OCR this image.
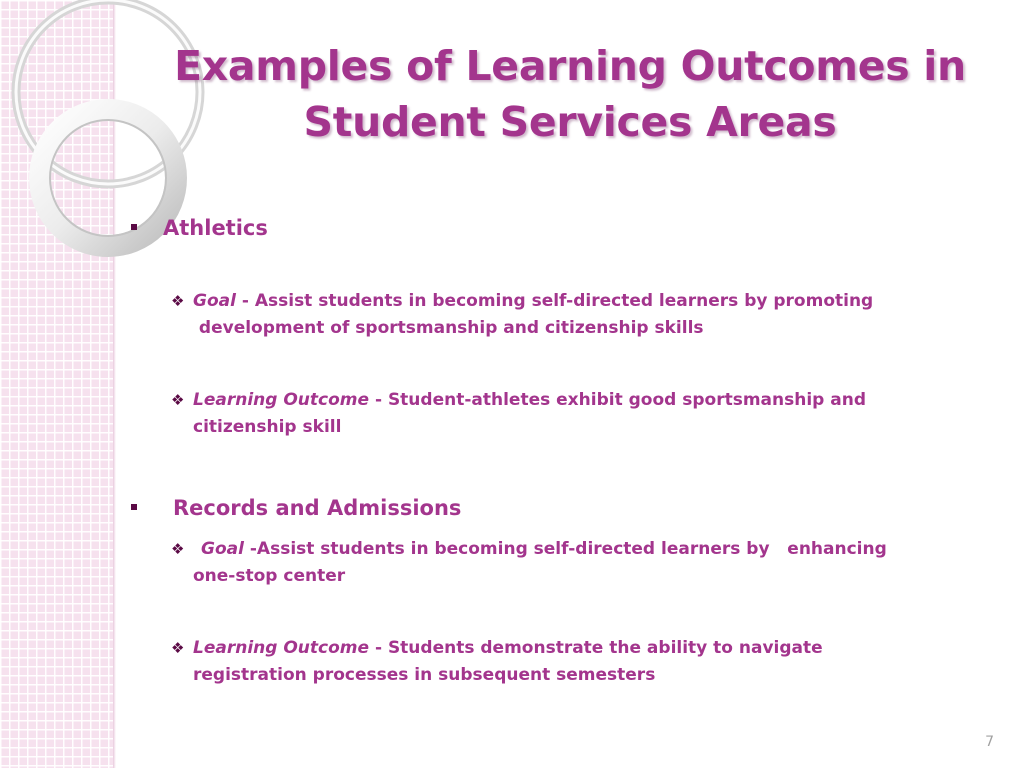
Examples of Learning Outcomes in
Student Services Areas
Athletics
❖ Goal - Assist students in becoming self-directed learners by promoting
development of sportsmanship and citizenship skills
❖ Learning Outcome - Student-athletes exhibit good sportsmanship and
citizenship skill
Records and Admissions
❖ Goal -Assist students in becoming self-directed learners by   enhancing
one-stop center
❖ Learning Outcome - Students demonstrate the ability to navigate
registration processes in subsequent semesters
7
